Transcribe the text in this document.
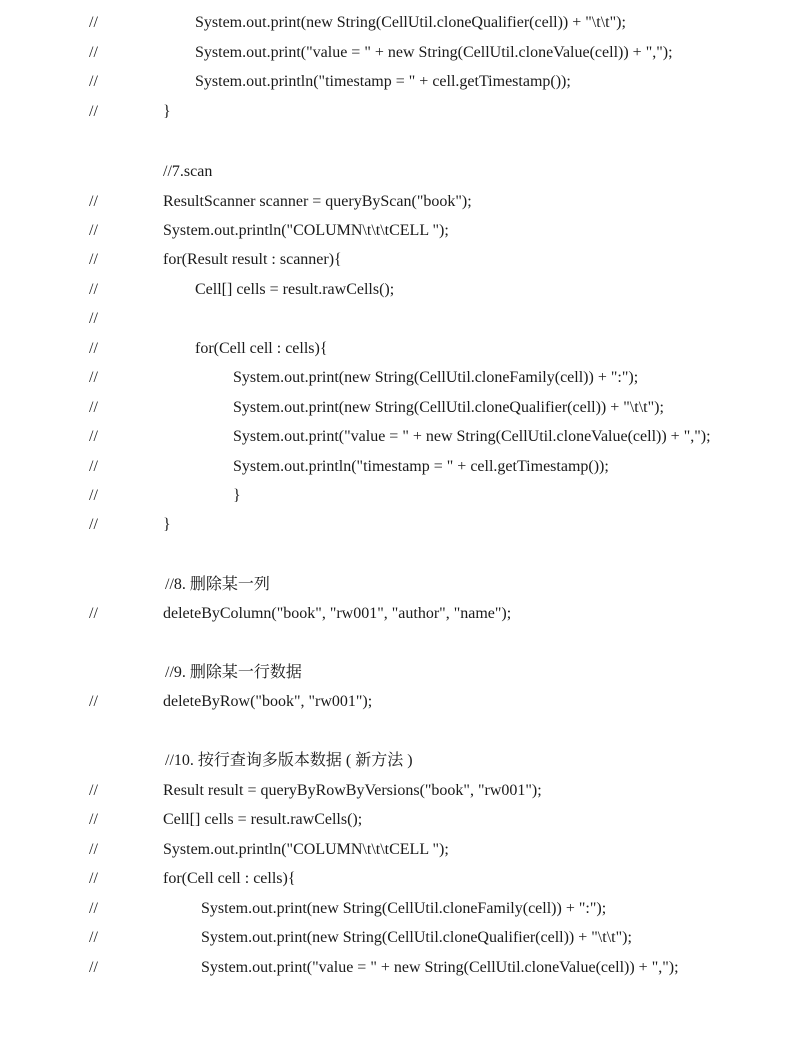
//

	System.out.print(new String(CellUtil.cloneQualifier(cell)) + "\t\t");

//

	System.out.print("value = " + new String(CellUtil.cloneValue(cell)) + ",");

//

	System.out.println("timestamp = " + cell.getTimestamp());

//

	}

//7.scan

//

	ResultScanner scanner = queryByScan("book");

//

	System.out.println("COLUMN\t\t\tCELL ");

//

	for(Result result : scanner){

//

	Cell[] cells = result.rawCells();

//

//

	for(Cell cell : cells){

//

	System.out.print(new String(CellUtil.cloneFamily(cell)) + ":");

//

	System.out.print(new String(CellUtil.cloneQualifier(cell)) + "\t\t");

//

	System.out.print("value = " + new String(CellUtil.cloneValue(cell)) + ",");

//

	System.out.println("timestamp = " + cell.getTimestamp());

//

	}

//

	}

//8. 删除某一列

//

	deleteByColumn("book", "rw001", "author", "name");

//9. 删除某一行数据

//

	deleteByRow("book", "rw001");

//10. 按行查询多版本数据 ( 新方法 )

//

	Result result = queryByRowByVersions("book", "rw001");

//

	Cell[] cells = result.rawCells();

//

	System.out.println("COLUMN\t\t\tCELL ");

//

	for(Cell cell : cells){

//

	System.out.print(new String(CellUtil.cloneFamily(cell)) + ":");

//

	System.out.print(new String(CellUtil.cloneQualifier(cell)) + "\t\t");

//

	System.out.print("value = " + new String(CellUtil.cloneValue(cell)) + ",");
